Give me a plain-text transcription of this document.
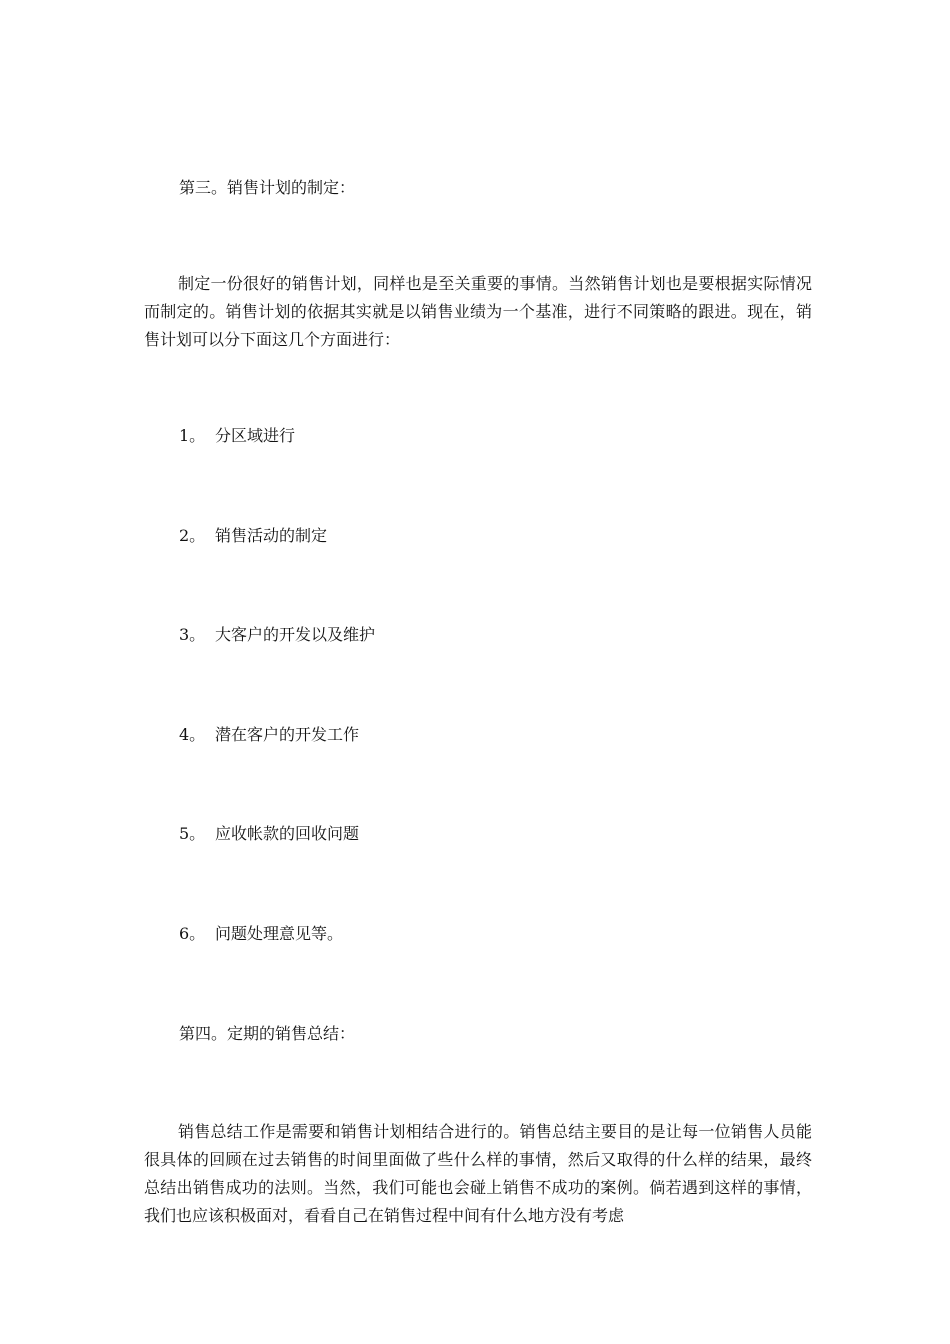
第三。销售计划的制定：

制定一份很好的销售计划，同样也是至关重要的事情。当然销售计划也是要根据实际情况而制定的。销售计划的依据其实就是以销售业绩为一个基准，进行不同策略的跟进。现在，销售计划可以分下面这几个方面进行：

1。 分区域进行
2。 销售活动的制定
3。 大客户的开发以及维护
4。 潜在客户的开发工作
5。 应收帐款的回收问题
6。 问题处理意见等。
第四。定期的销售总结：

销售总结工作是需要和销售计划相结合进行的。销售总结主要目的是让每一位销售人员能很具体的回顾在过去销售的时间里面做了些什么样的事情，然后又取得的什么样的结果，最终总结出销售成功的法则。当然，我们可能也会碰上销售不成功的案例。倘若遇到这样的事情，我们也应该积极面对，看看自己在销售过程中间有什么地方没有考虑
